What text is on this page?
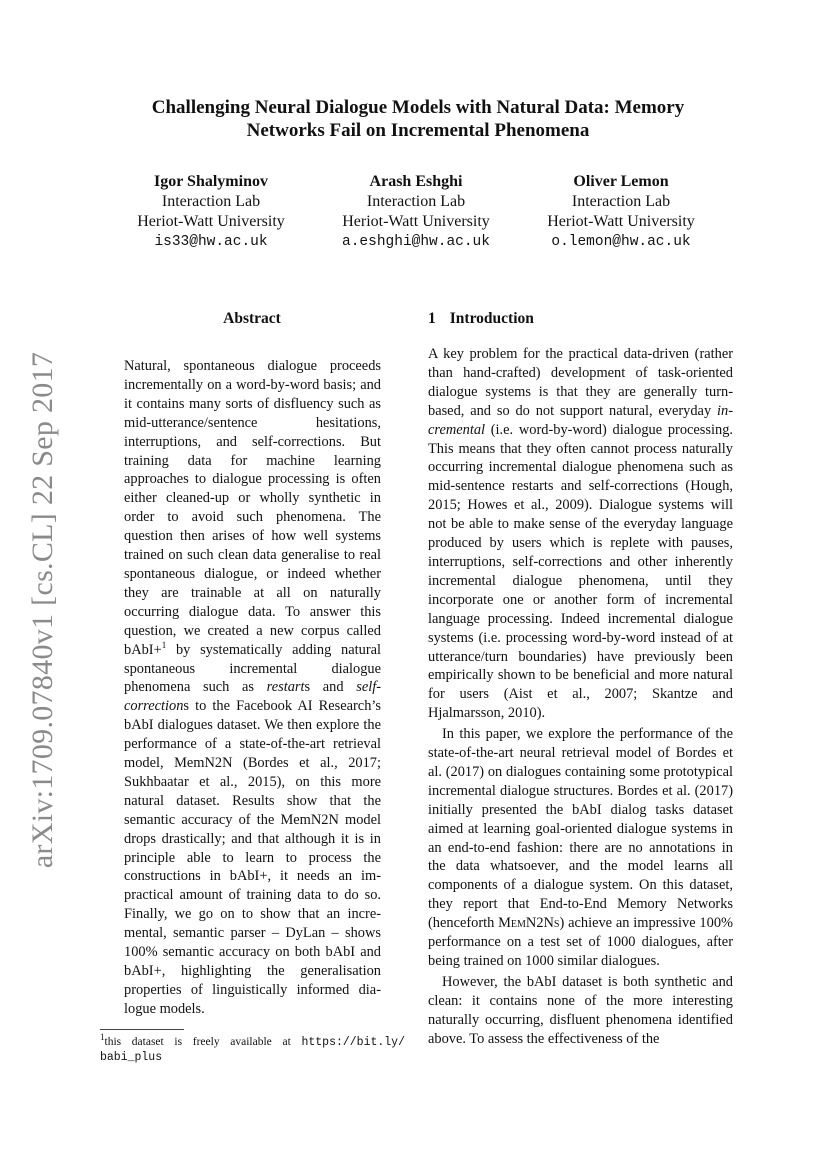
arXiv:1709.07840v1 [cs.CL] 22 Sep 2017
Challenging Neural Dialogue Models with Natural Data: Memory
Networks Fail on Incremental Phenomena
Igor Shalyminov
Interaction Lab
Heriot-Watt University
is33@hw.ac.uk
Arash Eshghi
Interaction Lab
Heriot-Watt University
a.eshghi@hw.ac.uk
Oliver Lemon
Interaction Lab
Heriot-Watt University
o.lemon@hw.ac.uk
Abstract	1 Introduction
Natural, spontaneous dialogue proceeds incrementally on a word-by-word basis; and it contains many sorts of disfluency such as mid-utterance/sentence hesitations, interruptions, and self-corrections. But training data for machine learning approaches to dialogue processing is often either cleaned-up or wholly synthetic in order to avoid such phenomena. The question then arises of how well systems trained on such clean data generalise to real spontaneous dialogue, or indeed whether they are trainable at all on naturally occurring dialogue data. To answer this question, we created a new corpus called bAbI+$^1$ by systematically adding natural spontaneous incremental dialogue phenomena such as restarts and self-corrections to the Facebook AI Research’s bAbI dialogues dataset. We then explore the performance of a state-of-the-art retrieval model, MemN2N (Bordes et al., 2017; Sukhbaatar et al., 2015), on this more natural dataset. Results show that the semantic accuracy of the MemN2N model drops drastically; and that although it is in principle able to learn to process the constructions in bAbI+, it needs an impractical amount of training data to do so. Finally, we go on to show that an incremental, semantic parser – DyLan – shows 100% semantic accuracy on both bAbI and bAbI+, highlighting the generalisation properties of linguistically informed dialogue models.

A key problem for the practical data-driven (rather than hand-crafted) development of task-oriented dialogue systems is that they are generally turn-based, and so do not support natural, everyday incremental (i.e. word-by-word) dialogue processing. This means that they often cannot process naturally occurring incremental dialogue phenomena such as mid-sentence restarts and self-corrections (Hough, 2015; Howes et al., 2009). Dialogue systems will not be able to make sense of the everyday language produced by users which is replete with pauses, interruptions, self-corrections and other inherently incremental dialogue phenomena, until they incorporate one or another form of incremental language processing. Indeed incremental dialogue systems (i.e. processing word-by-word instead of at utterance/turn boundaries) have previously been empirically shown to be beneficial and more natural for users (Aist et al., 2007; Skantze and Hjalmarsson, 2010).

In this paper, we explore the performance of the state-of-the-art neural retrieval model of Bordes et al. (2017) on dialogues containing some prototypical incremental dialogue structures. Bordes et al. (2017) initially presented the bAbI dialog tasks dataset aimed at learning goal-oriented dialogue systems in an end-to-end fashion: there are no annotations in the data whatsoever, and the model learns all components of a dialogue system. On this dataset, they report that End-to-End Memory Networks (henceforth MemN2Ns) achieve an impressive 100% performance on a test set of 1000 dialogues, after being trained on 1000 similar dialogues.

However, the bAbI dataset is both synthetic and clean: it contains none of the more interesting naturally occurring, disfluent phenomena identified above. To assess the effectiveness of the

$^1$this dataset is freely available at https://bit.ly/ babi_plus
